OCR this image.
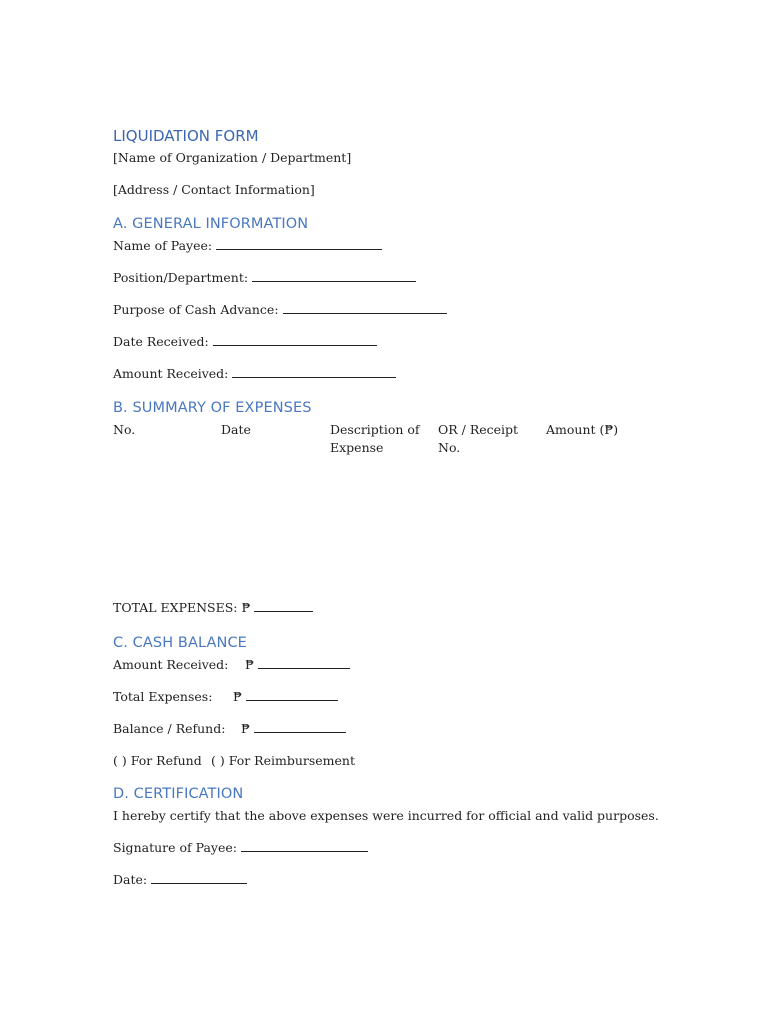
LIQUIDATION FORM
[Name of Organization / Department]
[Address / Contact Information]
A. GENERAL INFORMATION
Name of Payee:
Position/Department:
Purpose of Cash Advance:
Date Received:
Amount Received:
B. SUMMARY OF EXPENSES
No.	Date	Description of Expense
OR / Receipt No.
Amount (₱)
TOTAL EXPENSES: ₱
C. CASH BALANCE
Amount Received: ₱
Total Expenses: ₱
Balance / Refund: ₱
( ) For Refund ( ) For Reimbursement
D. CERTIFICATION
I hereby certify that the above expenses were incurred for official and valid purposes.
Signature of Payee:
Date:
